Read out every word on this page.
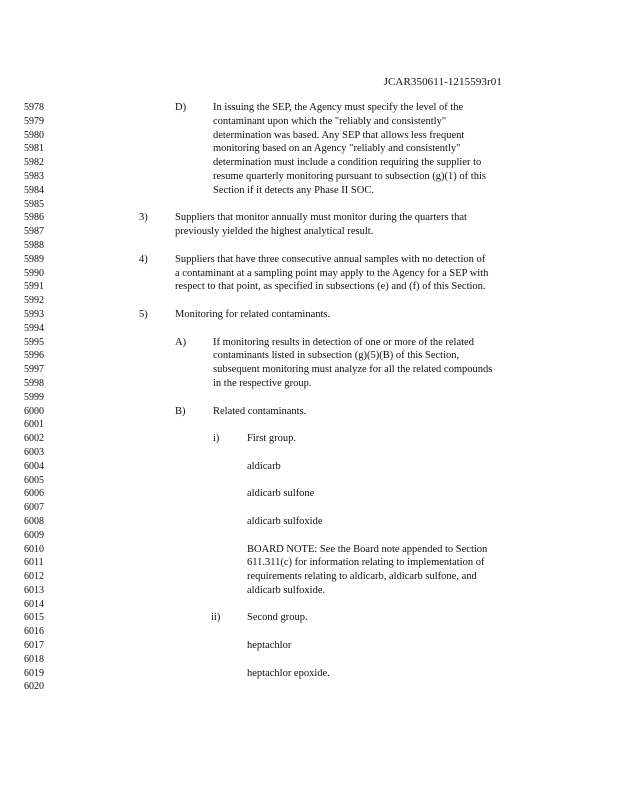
JCAR350611-1215593r01
5978
5979
5980
5981
5982
5983
5984
5985
5986
5987
5988
5989
5990
5991
5992
5993
5994
5995
5996
5997
5998
5999
6000
6001
6002
6003
6004
6005
6006
6007
6008
6009
6010
6011
6012
6013
6014
6015
6016
6017
6018
6019
6020
D)	In issuing the SEP, the Agency must specify the level of the
contaminant upon which the "reliably and consistently"
determination was based. Any SEP that allows less frequent
monitoring based on an Agency "reliably and consistently"
determination must include a condition requiring the supplier to
resume quarterly monitoring pursuant to subsection (g)(1) of this
Section if it detects any Phase II SOC.
3)	Suppliers that monitor annually must monitor during the quarters that
previously yielded the highest analytical result.
4)	Suppliers that have three consecutive annual samples with no detection of
a contaminant at a sampling point may apply to the Agency for a SEP with
respect to that point, as specified in subsections (e) and (f) of this Section.
5)	Monitoring for related contaminants.
A)	If monitoring results in detection of one or more of the related
contaminants listed in subsection (g)(5)(B) of this Section,
subsequent monitoring must analyze for all the related compounds
in the respective group.
B)	Related contaminants.
i)	First group.
aldicarb
aldicarb sulfone
aldicarb sulfoxide
BOARD NOTE: See the Board note appended to Section
611.311(c) for information relating to implementation of
requirements relating to aldicarb, aldicarb sulfone, and
aldicarb sulfoxide.
ii)	Second group.
heptachlor
heptachlor epoxide.
